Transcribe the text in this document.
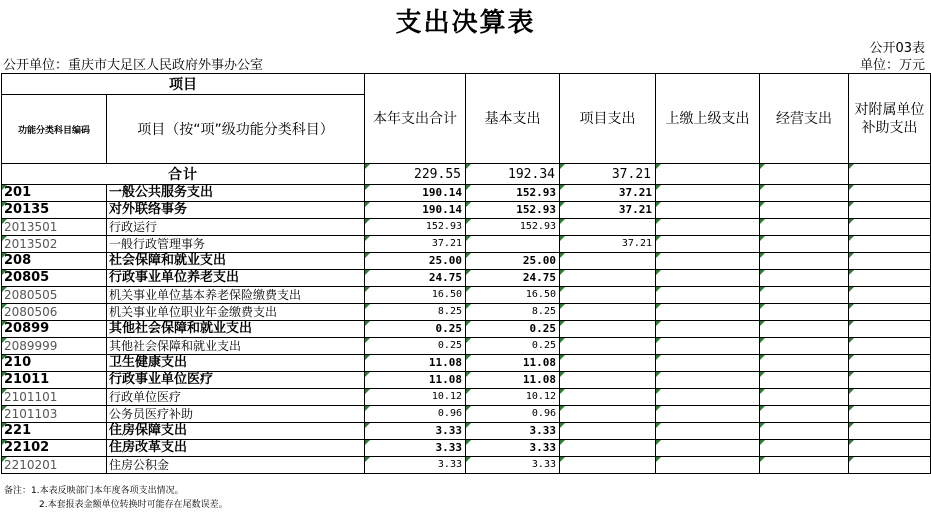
支出决算表
公开03表
公开单位：重庆市大足区人民政府外事办公室	单位：万元
项目		本年支出合计	基本支出	项目支出	上缴上级支出	经营支出	对附属单位补助支出
功能分类科目编码	项目（按“项”级功能分类科目）						
合计		229.55	192.34	37.21			
201	一般公共服务支出	190.14	152.93	37.21			
20135	对外联络事务	190.14	152.93	37.21			
2013501	行政运行	152.93	152.93				
2013502	一般行政管理事务	37.21		37.21			
208	社会保障和就业支出	25.00	25.00				
20805	行政事业单位养老支出	24.75	24.75				
2080505	机关事业单位基本养老保险缴费支出	16.50	16.50				
2080506	机关事业单位职业年金缴费支出	8.25	8.25				
20899	其他社会保障和就业支出	0.25	0.25				
2089999	其他社会保障和就业支出	0.25	0.25				
210	卫生健康支出	11.08	11.08				
21011	行政事业单位医疗	11.08	11.08				
2101101	行政单位医疗	10.12	10.12				
2101103	公务员医疗补助	0.96	0.96				
221	住房保障支出	3.33	3.33				
22102	住房改革支出	3.33	3.33				
2210201	住房公积金	3.33	3.33				
备注：1.本表反映部门本年度各项支出情况。
2.本套报表金额单位转换时可能存在尾数误差。
